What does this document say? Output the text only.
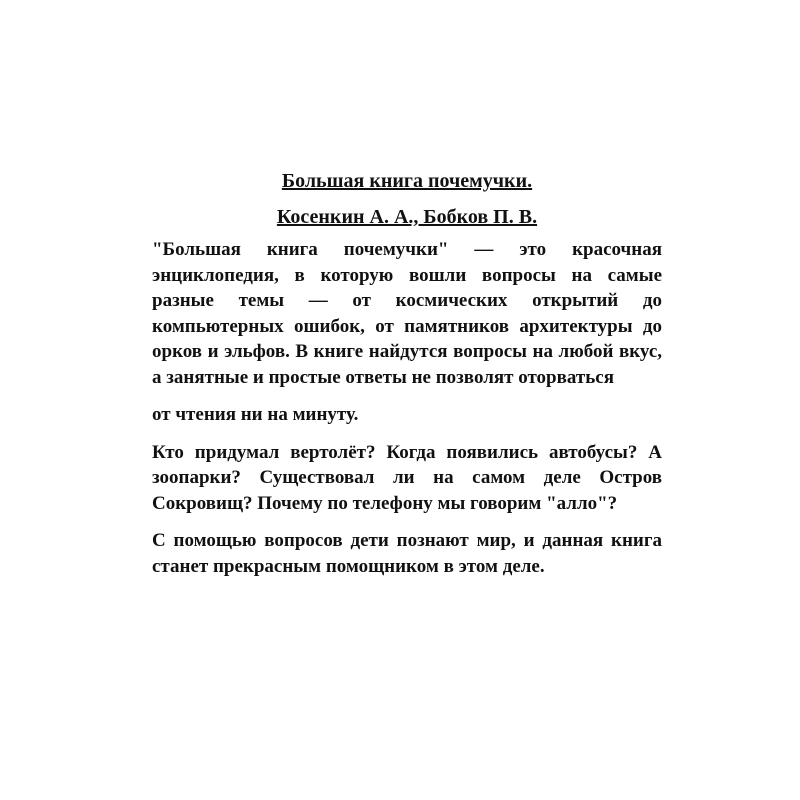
Большая книга почемучки.
Косенкин А. А., Бобков П. В.

"Большая книга почемучки" — это красочная энциклопедия, в которую вошли вопросы на самые разные темы — от космических открытий до компьютерных ошибок, от памятников архитектуры до орков и эльфов. В книге найдутся вопросы на любой вкус, а занятные и простые ответы не позволят оторваться

от чтения ни на минуту.

Кто придумал вертолёт? Когда появились автобусы? А зоопарки? Существовал ли на самом деле Остров Сокровищ? Почему по телефону мы говорим "алло"?

С помощью вопросов дети познают мир, и данная книга станет прекрасным помощником в этом деле.
